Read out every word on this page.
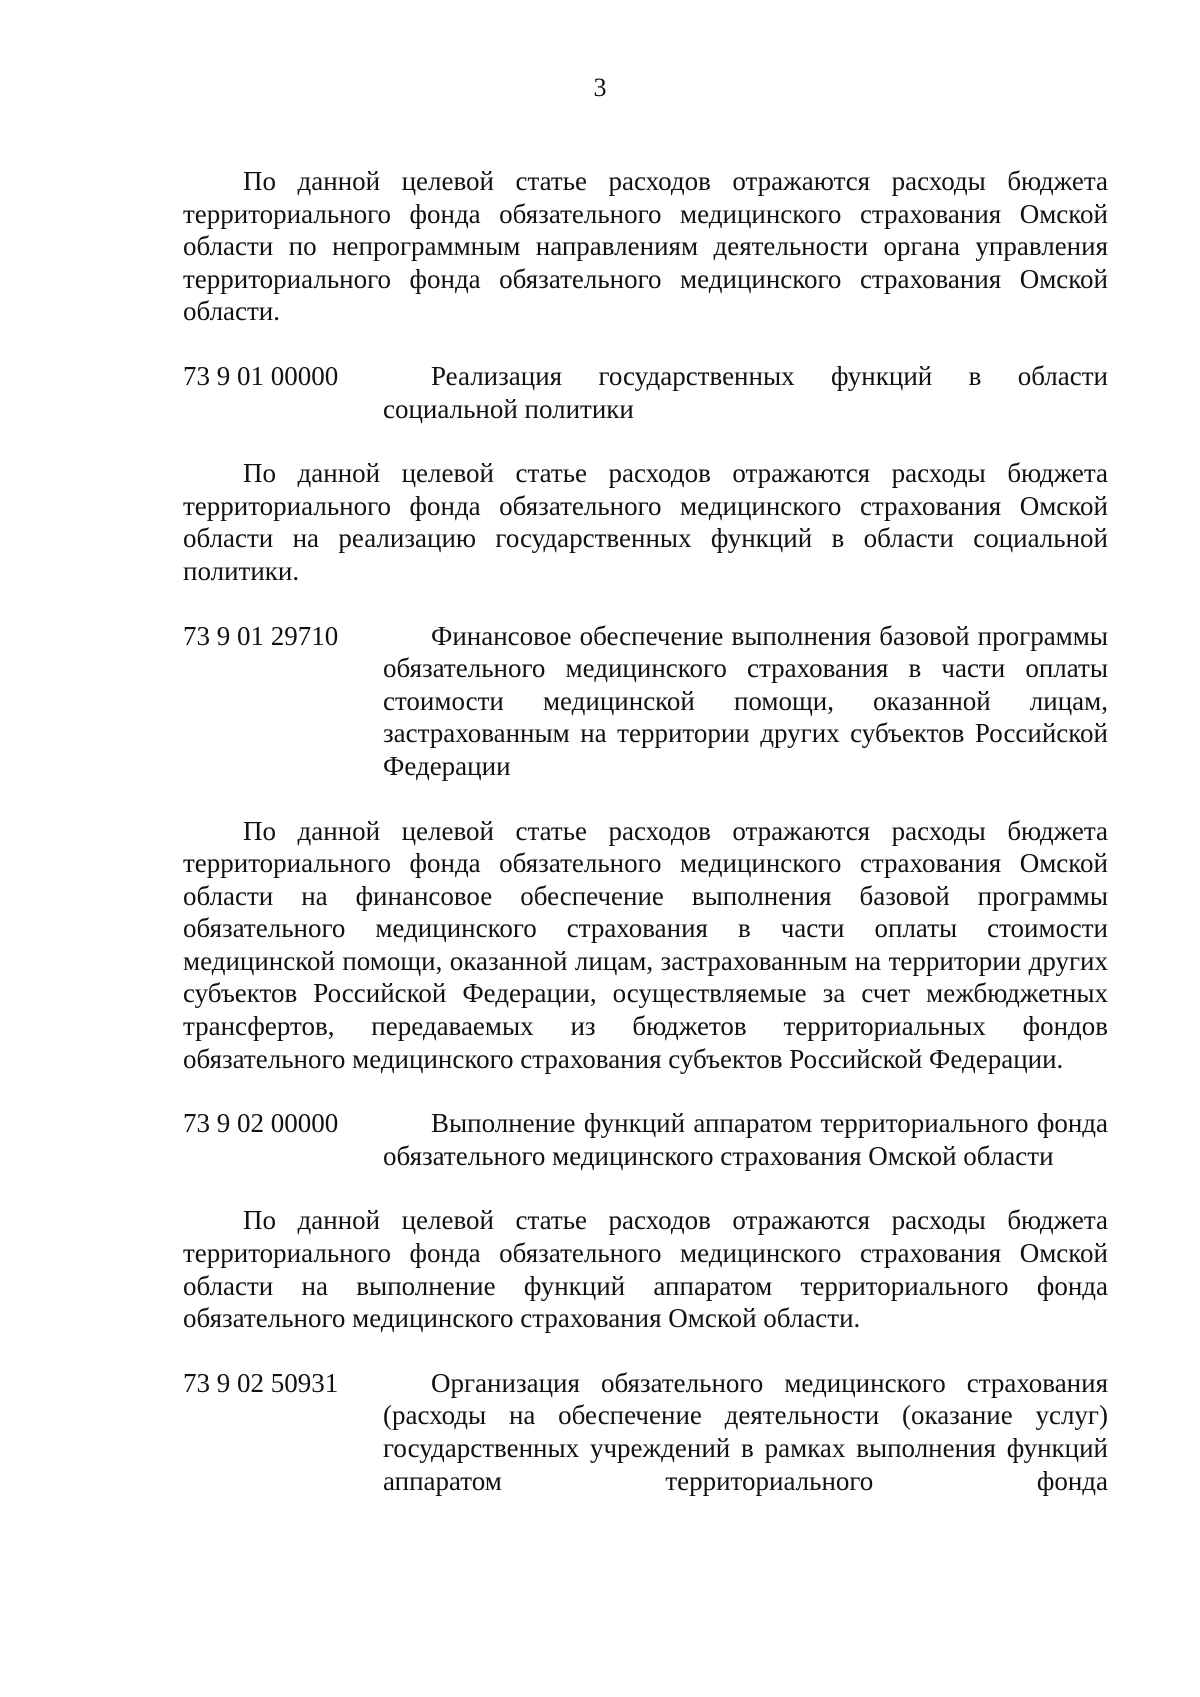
3

По данной целевой статье расходов отражаются расходы бюджета территориального фонда обязательного медицинского страхования Омской области по непрограммным направлениям деятельности органа управления территориального фонда обязательного медицинского страхования Омской области.

73 9 01 00000	Реализация государственных функций в области социальной политики

По данной целевой статье расходов отражаются расходы бюджета территориального фонда обязательного медицинского страхования Омской области на реализацию государственных функций в области социальной политики.

73 9 01 29710	Финансовое обеспечение выполнения базовой программы обязательного медицинского страхования в части оплаты стоимости медицинской помощи, оказанной лицам, застрахованным на территории других субъектов Российской Федерации

По данной целевой статье расходов отражаются расходы бюджета территориального фонда обязательного медицинского страхования Омской области на финансовое обеспечение выполнения базовой программы обязательного медицинского страхования в части оплаты стоимости медицинской помощи, оказанной лицам, застрахованным на территории других субъектов Российской Федерации, осуществляемые за счет межбюджетных трансфертов, передаваемых из бюджетов территориальных фондов обязательного медицинского страхования субъектов Российской Федерации.

73 9 02 00000	Выполнение функций аппаратом территориального фонда обязательного медицинского страхования Омской области

По данной целевой статье расходов отражаются расходы бюджета территориального фонда обязательного медицинского страхования Омской области на выполнение функций аппаратом территориального фонда обязательного медицинского страхования Омской области.

73 9 02 50931	Организация обязательного медицинского страхования (расходы на обеспечение деятельности (оказание услуг) государственных учреждений в рамках выполнения функций аппаратом территориального фонда
